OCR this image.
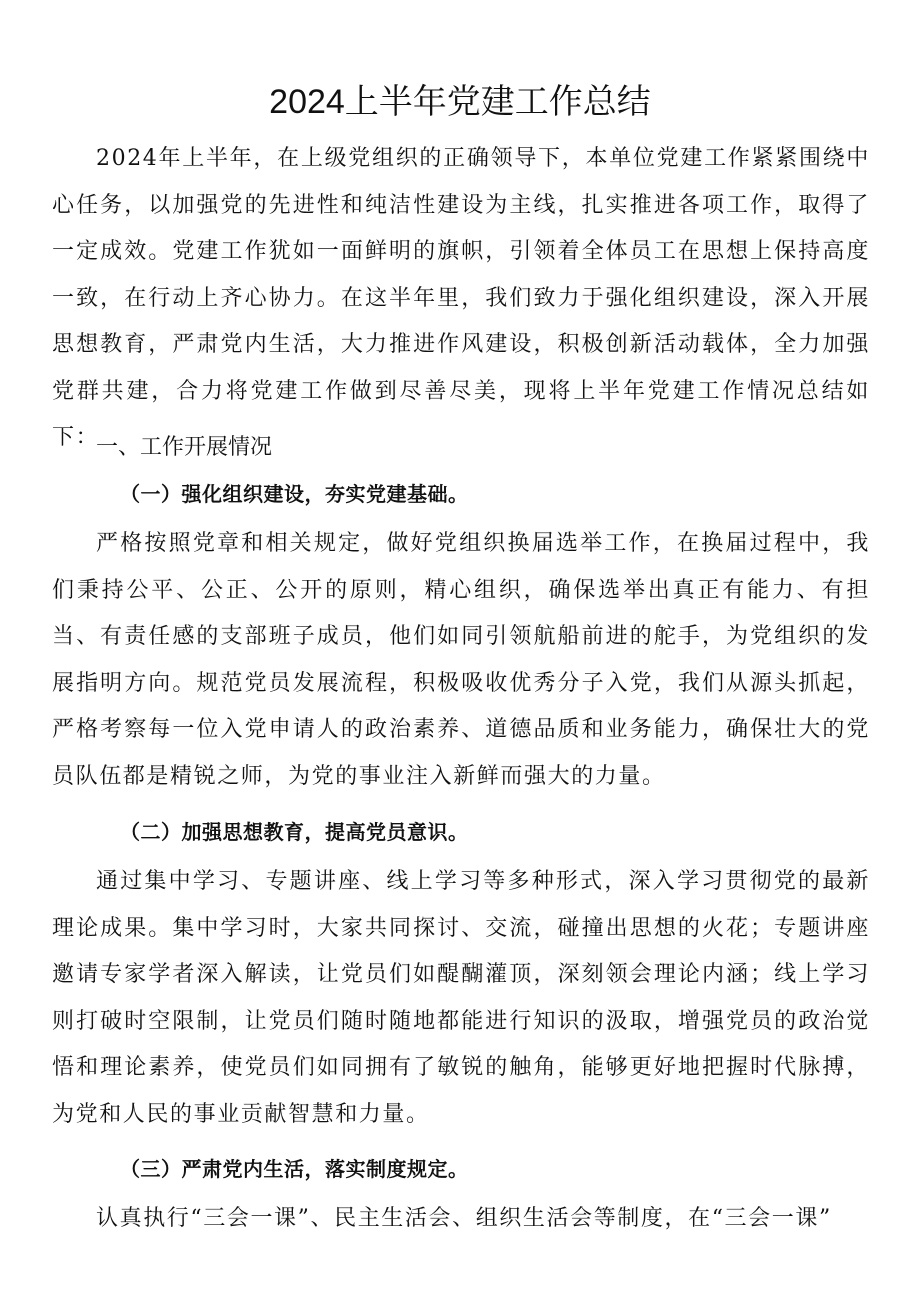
2024上半年党建工作总结

2024年上半年，在上级党组织的正确领导下，本单位党建工作紧紧围绕中心任务，以加强党的先进性和纯洁性建设为主线，扎实推进各项工作，取得了一定成效。党建工作犹如一面鲜明的旗帜，引领着全体员工在思想上保持高度一致，在行动上齐心协力。在这半年里，我们致力于强化组织建设，深入开展思想教育，严肃党内生活，大力推进作风建设，积极创新活动载体，全力加强党群共建，合力将党建工作做到尽善尽美，现将上半年党建工作情况总结如下：

一、工作开展情况
（一）强化组织建设，夯实党建基础。

严格按照党章和相关规定，做好党组织换届选举工作，在换届过程中，我们秉持公平、公正、公开的原则，精心组织，确保选举出真正有能力、有担当、有责任感的支部班子成员，他们如同引领航船前进的舵手，为党组织的发展指明方向。规范党员发展流程，积极吸收优秀分子入党，我们从源头抓起，严格考察每一位入党申请人的政治素养、道德品质和业务能力，确保壮大的党员队伍都是精锐之师，为党的事业注入新鲜而强大的力量。

（二）加强思想教育，提高党员意识。

通过集中学习、专题讲座、线上学习等多种形式，深入学习贯彻党的最新理论成果。集中学习时，大家共同探讨、交流，碰撞出思想的火花；专题讲座邀请专家学者深入解读，让党员们如醍醐灌顶，深刻领会理论内涵；线上学习则打破时空限制，让党员们随时随地都能进行知识的汲取，增强党员的政治觉悟和理论素养，使党员们如同拥有了敏锐的触角，能够更好地把握时代脉搏，为党和人民的事业贡献智慧和力量。

（三）严肃党内生活，落实制度规定。

认真执行“三会一课”、民主生活会、组织生活会等制度，在“三会一课”
